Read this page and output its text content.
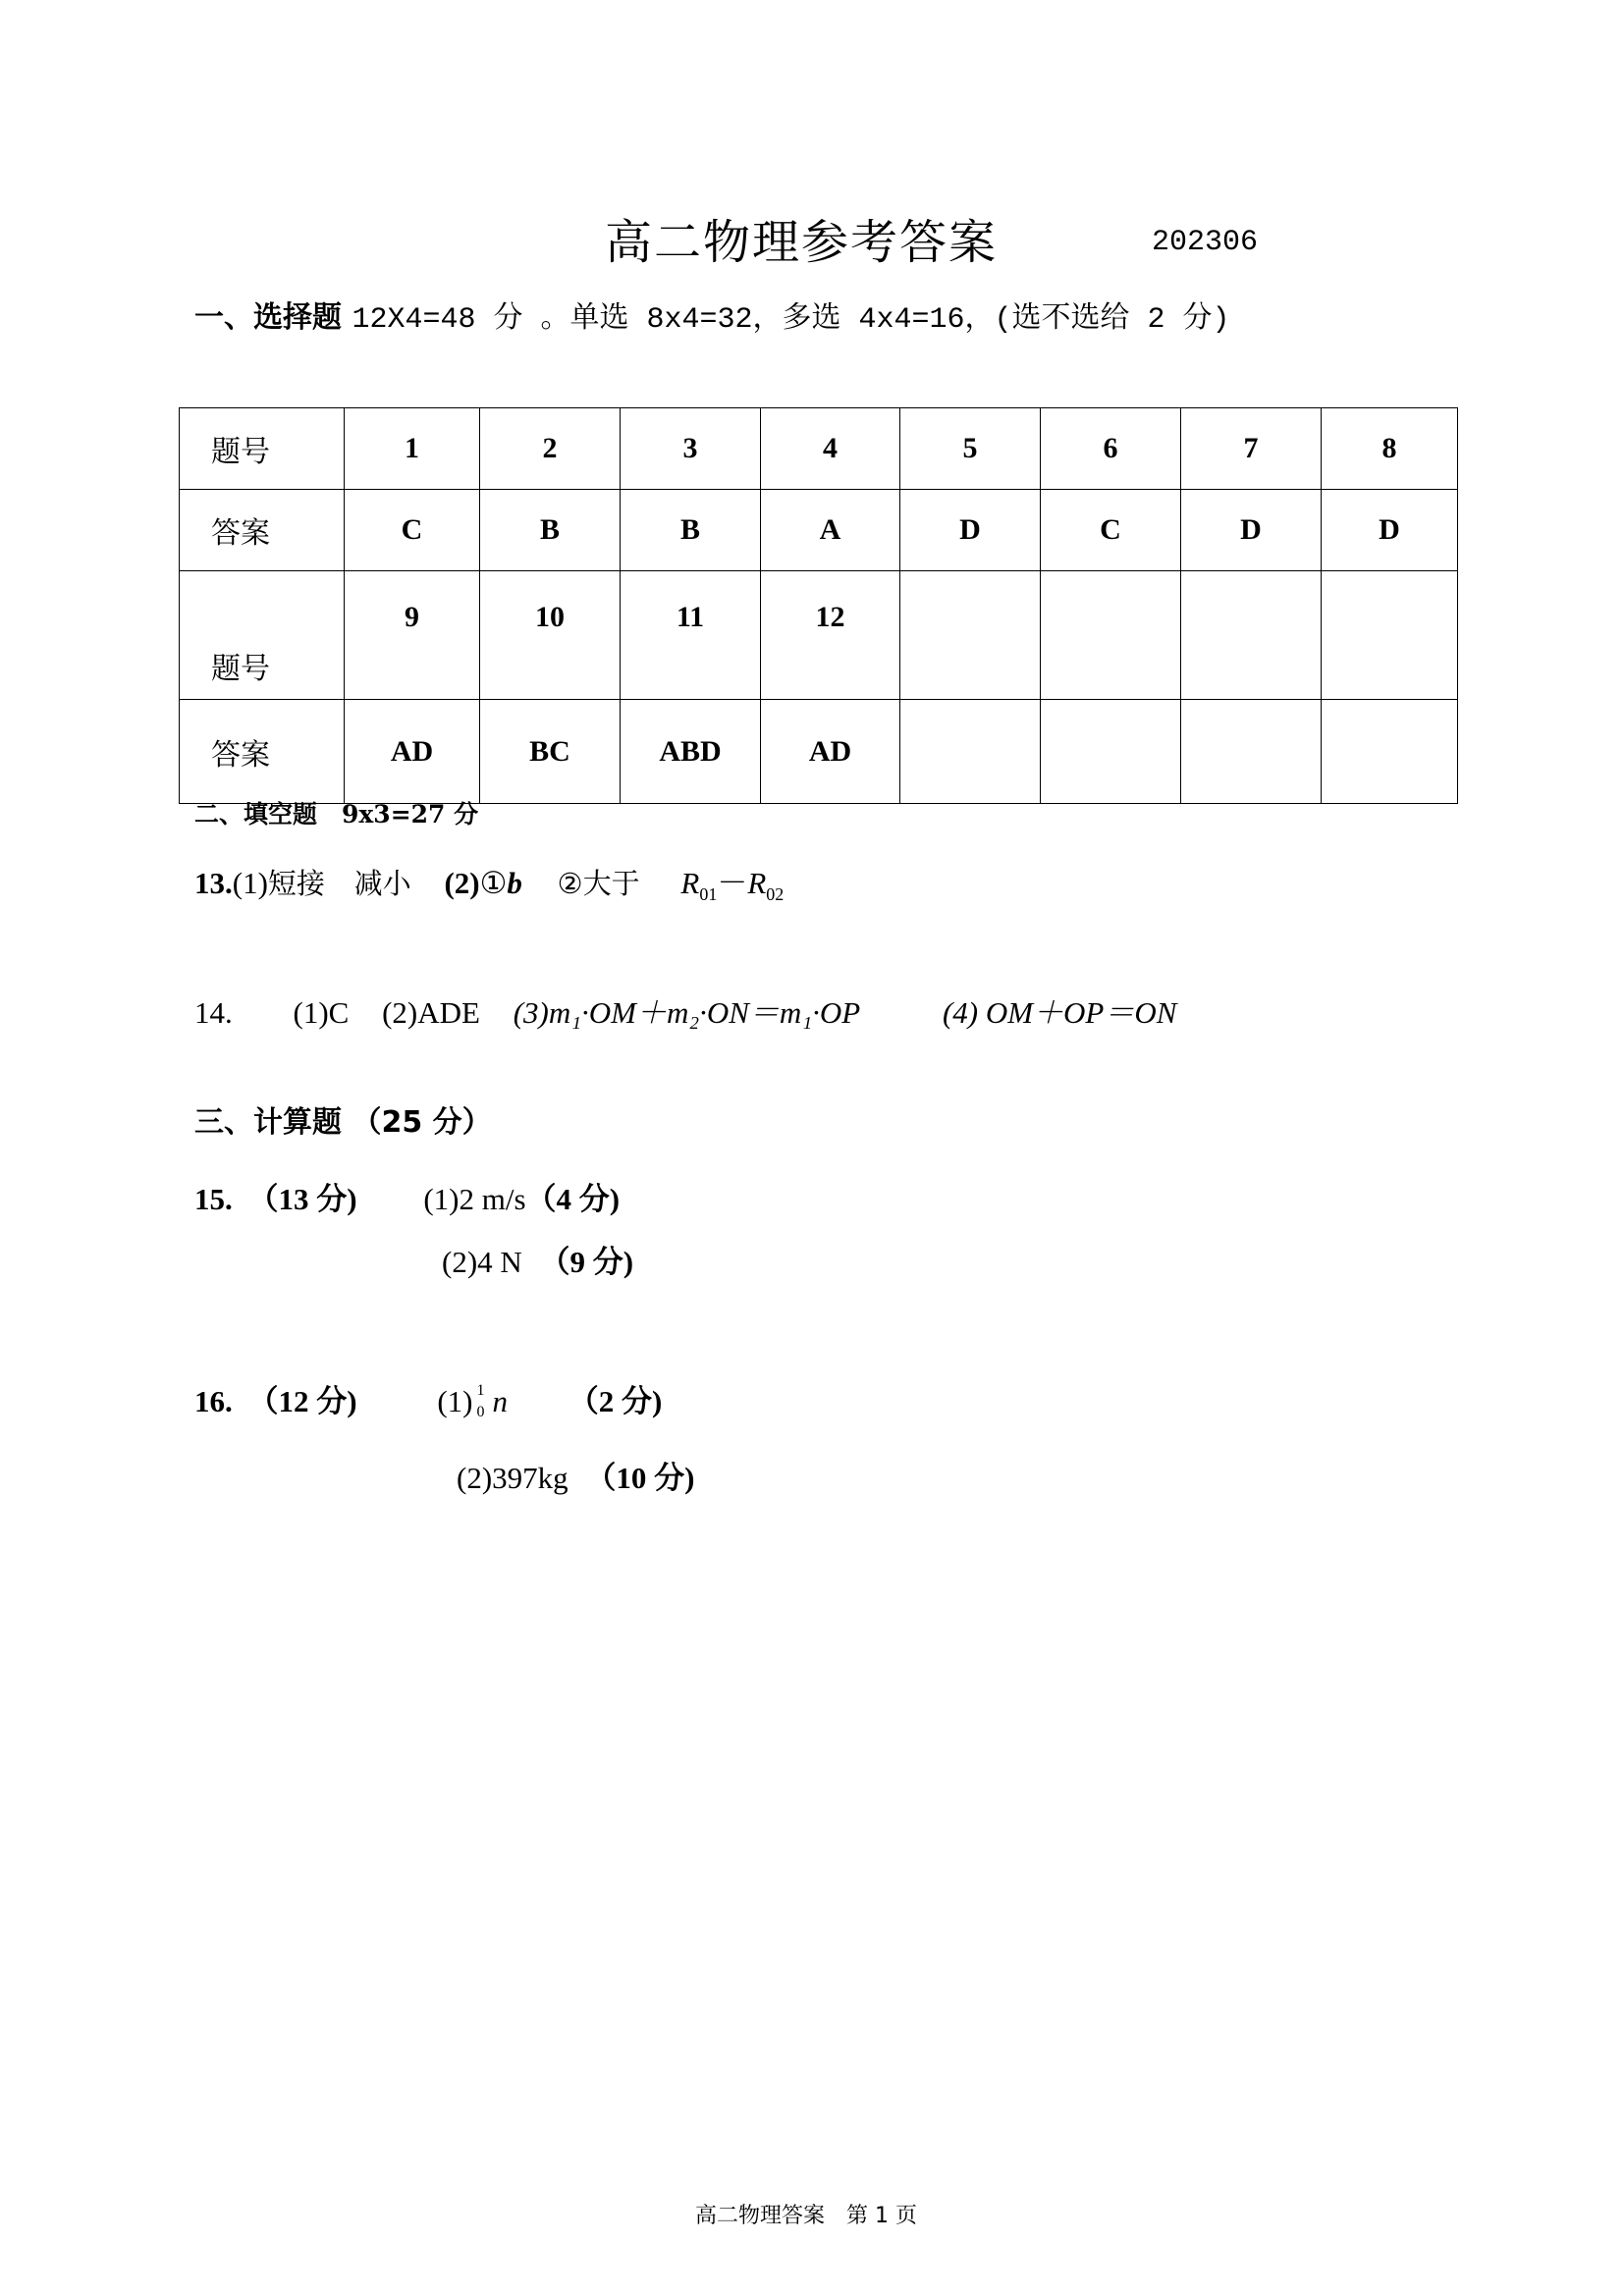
高二物理参考答案	202306
一、选择题 12X4=48 分 。单选 8x4=32，多选 4x4=16，(选不选给 2 分)
题号	1	2	3	4	5	6	7	8
答案	C	B	B	A	D	C	D	D
题号	9	10	11	12				
答案	AD	BC	ABD	AD				
二、填空题　9x3=27 分
13.(1)短接 减小 (2)①b ②大于 $R_{01}-R_{02}$
14. (1)C (2)ADE (3)m₁·OM＋m₂·ON＝m₁·OP	(4) OM＋OP＝ON
三、计算题 （25 分）
15. （13 分) (1)2 m/s（4 分)
(2)4 N （9 分)
16. （12 分)	(1) 1
0 n （2 分)
(2)397kg （10 分)
高二物理答案　第 1 页
